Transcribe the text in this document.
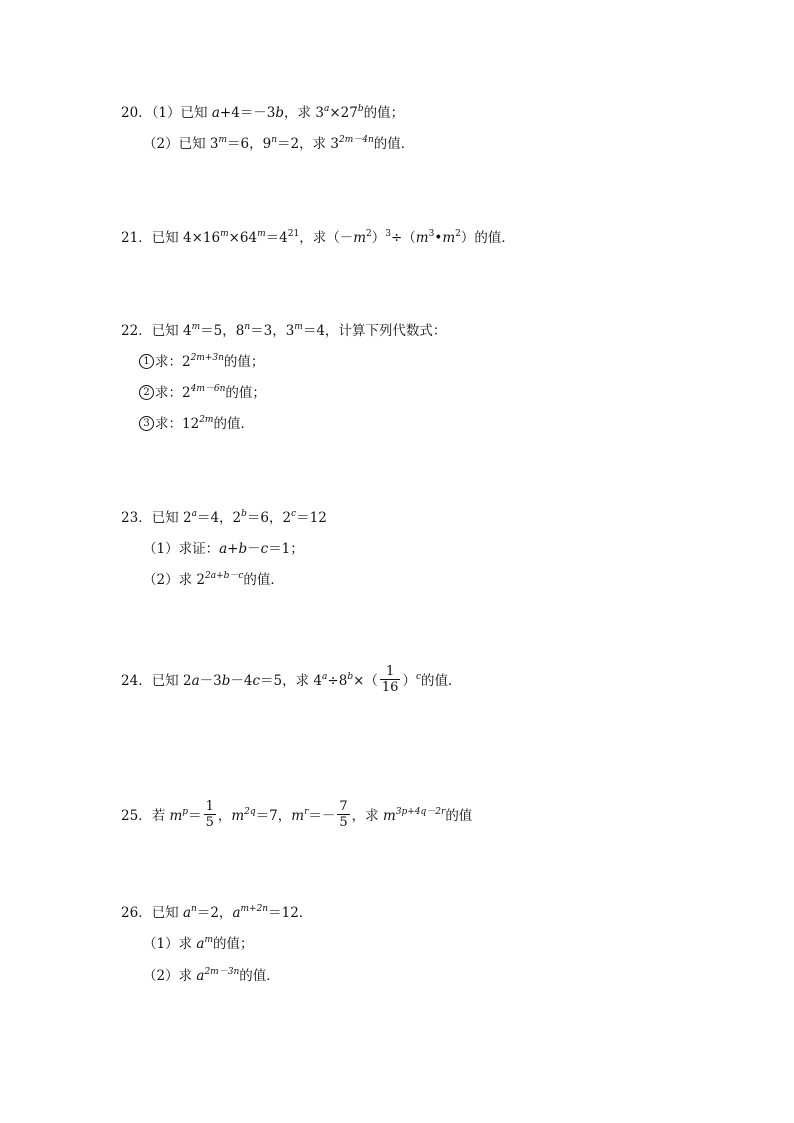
20．（1）已知 a+4＝－3b，求 $3^a\times 27^b$的值；
（2）已知 $3^m=6$，$9^n=2$，求 $3^{2m-4n}$的值．
21．已知 $4\times 16^m\times 64^m=4^{21}$，求$(-m^2)^3\div(m^3•m^2)$的值．
22．已知 $4^m=5$，$8^n=3$，$3^m=4$，计算下列代数式：
1 求：$2^{2m+3n}$的值；
2 求：$2^{4m-6n}$的值；
3 求：$12^{2m}$的值．
23．已知 $2^a=4$，$2^b=6$，$2^c=12$
（1）求证：a+b－c＝1；
（2）求 $2^{2a+b-c}$的值．
24．已知 2a－3b－4c＝5，求 $4^a\div 8^b\times( \frac{1}{16} )^c$的值．
25．若 $m^p= \frac{1}{5}$ ，$m^{2q}=7$，$m^r=- \frac{7}{5}$ ，求 $m^{3p+4q-2r}$的值
26．已知 $a^n=2$，$a^{m+2n}=12$．
（1）求 $a^m$的值；
（2）求 $a^{2m-3n}$的值．
